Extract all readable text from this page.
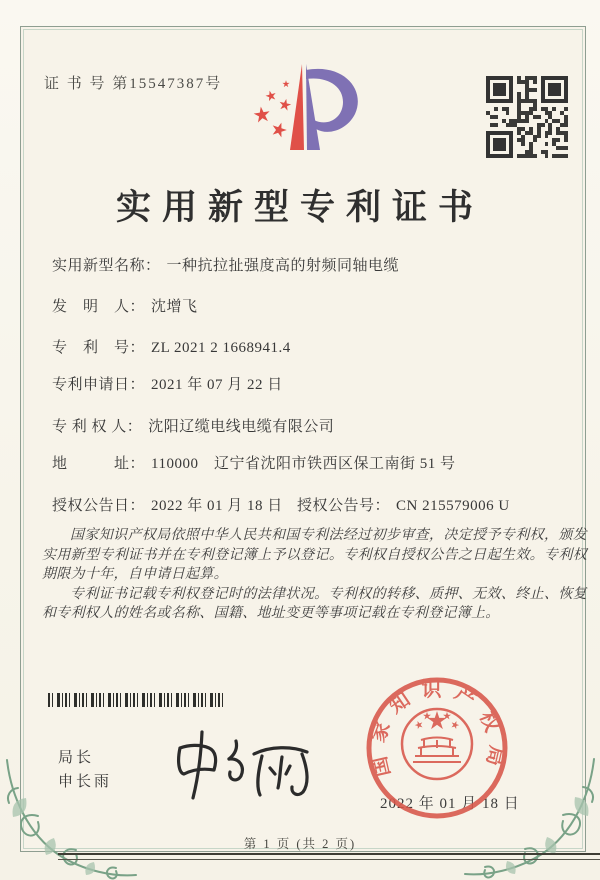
证 书 号 第15547387号
实用新型专利证书
实用新型名称： 一种抗拉扯强度高的射频同轴电缆
发　明　人： 沈增飞
专　利　号： ZL 2021 2 1668941.4
专利申请日： 2021 年 07 月 22 日
专 利 权 人： 沈阳辽缆电线电缆有限公司
地　　　址： 110000　辽宁省沈阳市铁西区保工南街 51 号
授权公告日： 2022 年 01 月 18 日 授权公告号： CN 215579006 U

国家知识产权局依照中华人民共和国专利法经过初步审查，决定授予专利权，颁发实用新型专利证书并在专利登记簿上予以登记。专利权自授权公告之日起生效。专利权期限为十年，自申请日起算。

专利证书记载专利权登记时的法律状况。专利权的转移、质押、无效、终止、恢复和专利权人的姓名或名称、国籍、地址变更等事项记载在专利登记簿上。

局长
申长雨
2022 年 01 月 18 日
国家知识产权局
第 1 页 (共 2 页)
